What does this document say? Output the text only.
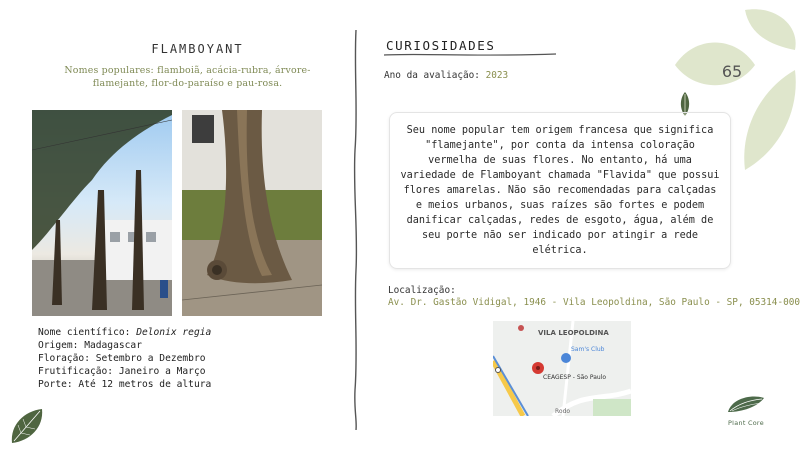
FLAMBOYANT
Nomes populares: flamboiã, acácia-rubra, árvore-flamejante, flor-do-paraíso e pau-rosa.
Nome científico: Delonix regia
Origem: Madagascar
Floração: Setembro a Dezembro
Frutificação: Janeiro a Março
Porte: Até 12 metros de altura
CURIOSIDADES
Ano da avaliação: 2023
Seu nome popular tem origem francesa que significa "flamejante", por conta da intensa coloração vermelha de suas flores. No entanto, há uma variedade de Flamboyant chamada "Flavida" que possui flores amarelas. Não são recomendadas para calçadas e meios urbanos, suas raízes são fortes e podem danificar calçadas, redes de esgoto, água, além de seu porte não ser indicado por atingir a rede elétrica.
Localização:
Av. Dr. Gastão Vidigal, 1946 - Vila Leopoldina, São Paulo - SP, 05314-000
VILA LEOPOLDINA
Sam's Club
CEAGESP - São Paulo
Rodo
65
Plant Core
